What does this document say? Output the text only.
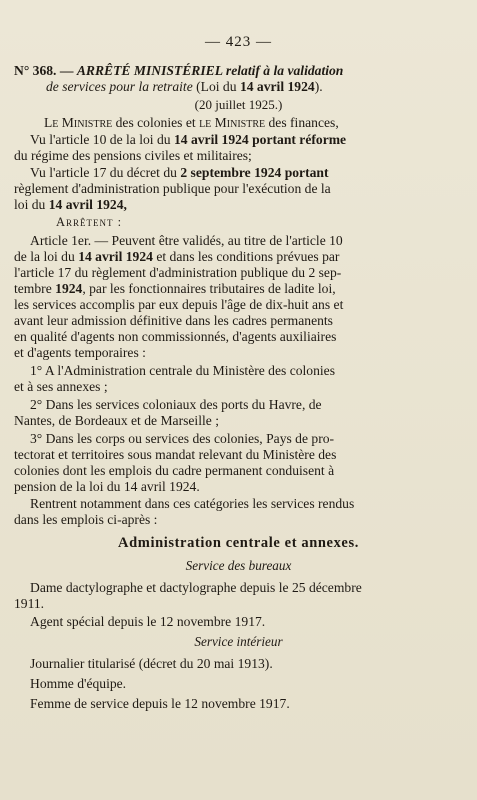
— 423 —
N° 368. — ARRÊTÉ MINISTÉRIEL relatif à la validation
de services pour la retraite (Loi du 14 avril 1924).
(20 juillet 1925.)
Le Ministre des colonies et le Ministre des finances,
Vu l'article 10 de la loi du 14 avril 1924 portant réforme
du régime des pensions civiles et militaires;
Vu l'article 17 du décret du 2 septembre 1924 portant
règlement d'administration publique pour l'exécution de la
loi du 14 avril 1924,
Arrêtent :
Article 1er. — Peuvent être validés, au titre de l'article 10
de la loi du 14 avril 1924 et dans les conditions prévues par
l'article 17 du règlement d'administration publique du 2 sep-
tembre 1924, par les fonctionnaires tributaires de ladite loi,
les services accomplis par eux depuis l'âge de dix-huit ans et
avant leur admission définitive dans les cadres permanents
en qualité d'agents non commissionnés, d'agents auxiliaires
et d'agents temporaires :
1° A l'Administration centrale du Ministère des colonies
et à ses annexes ;
2° Dans les services coloniaux des ports du Havre, de
Nantes, de Bordeaux et de Marseille ;
3° Dans les corps ou services des colonies, Pays de pro-
tectorat et territoires sous mandat relevant du Ministère des
colonies dont les emplois du cadre permanent conduisent à
pension de la loi du 14 avril 1924.
Rentrent notamment dans ces catégories les services rendus
dans les emplois ci-après :
Administration centrale et annexes.
Service des bureaux
Dame dactylographe et dactylographe depuis le 25 décembre
1911.
Agent spécial depuis le 12 novembre 1917.
Service intérieur
Journalier titularisé (décret du 20 mai 1913).
Homme d'équipe.
Femme de service depuis le 12 novembre 1917.
